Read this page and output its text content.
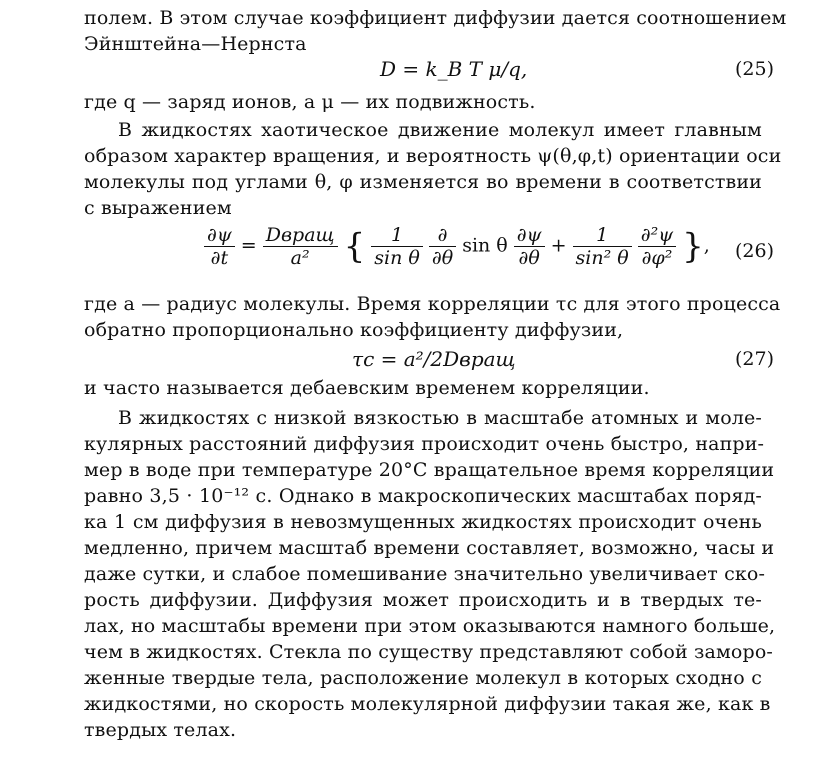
полем. В этом случае коэффициент диффузии дается соотношением
Эйнштейна—Нернста
D = k_B T μ/q,	(25)
где q — заряд ионов, а μ — их подвижность.
В жидкостях хаотическое движение молекул имеет главным
образом характер вращения, и вероятность ψ(θ,φ,t) ориентации оси
молекулы под углами θ, φ изменяется во времени в соответствии
с выражением
$\frac{\partial\psi}{\partial t} = \frac{\text{Dвращ}}{\text{a²}}$ { $\frac{1}{\text{sin θ}}$
$\frac{\partial}{\partial\theta}$ sin θ $\frac{\partial\psi}{\partial\theta} + \frac{1}{\text{sin² θ}}$
$\frac{\text{∂²ψ}}{\text{∂φ²}}$ }, (26)
где a — радиус молекулы. Время корреляции τc для этого процесса
обратно пропорционально коэффициенту диффузии,
τc = a²/2Dвращ	(27)
и часто называется дебаевским временем корреляции.
В жидкостях с низкой вязкостью в масштабе атомных и моле-
кулярных расстояний диффузия происходит очень быстро, напри-
мер в воде при температуре 20°C вращательное время корреляции
равно 3,5 · 10⁻¹² с. Однако в макроскопических масштабах поряд-
ка 1 см диффузия в невозмущенных жидкостях происходит очень
медленно, причем масштаб времени составляет, возможно, часы и
даже сутки, и слабое помешивание значительно увеличивает ско-
рость диффузии. Диффузия может происходить и в твердых те-
лах, но масштабы времени при этом оказываются намного больше,
чем в жидкостях. Стекла по существу представляют собой заморо-
женные твердые тела, расположение молекул в которых сходно с
жидкостями, но скорость молекулярной диффузии такая же, как в
твердых телах.
